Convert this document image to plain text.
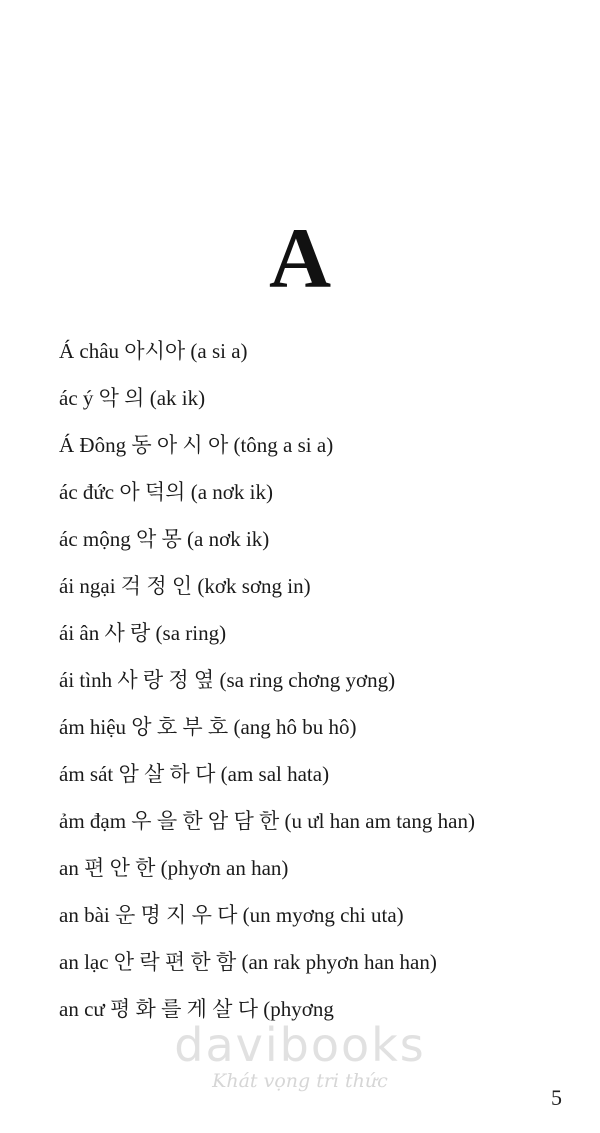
A
Á châu 아시아 (a si a)
ác ý 악 의 (ak ik)
Á Đông 동 아 시 아 (tông a si a)
ác đức 아 덕의 (a nơk ik)
ác mộng 악 몽 (a nơk ik)
ái ngại 걱 정 인 (kơk sơng in)
ái ân 사 랑 (sa ring)
ái tình 사 랑 정 옆 (sa ring chơng yơng)
ám hiệu 앙 호 부 호 (ang hô bu hô)
ám sát 암 살 하 다 (am sal hata)
ảm đạm 우 을 한 암 담 한 (u ưl han am tang han)
an 편 안 한 (phyơn an han)
an bài 운 명 지 우 다 (un myơng chi uta)
an lạc 안 락 편 한 함 (an rak phyơn han han)
an cư 평 화 를 게 살 다 (phyơng
davibooks
Khát vọng tri thức
5
